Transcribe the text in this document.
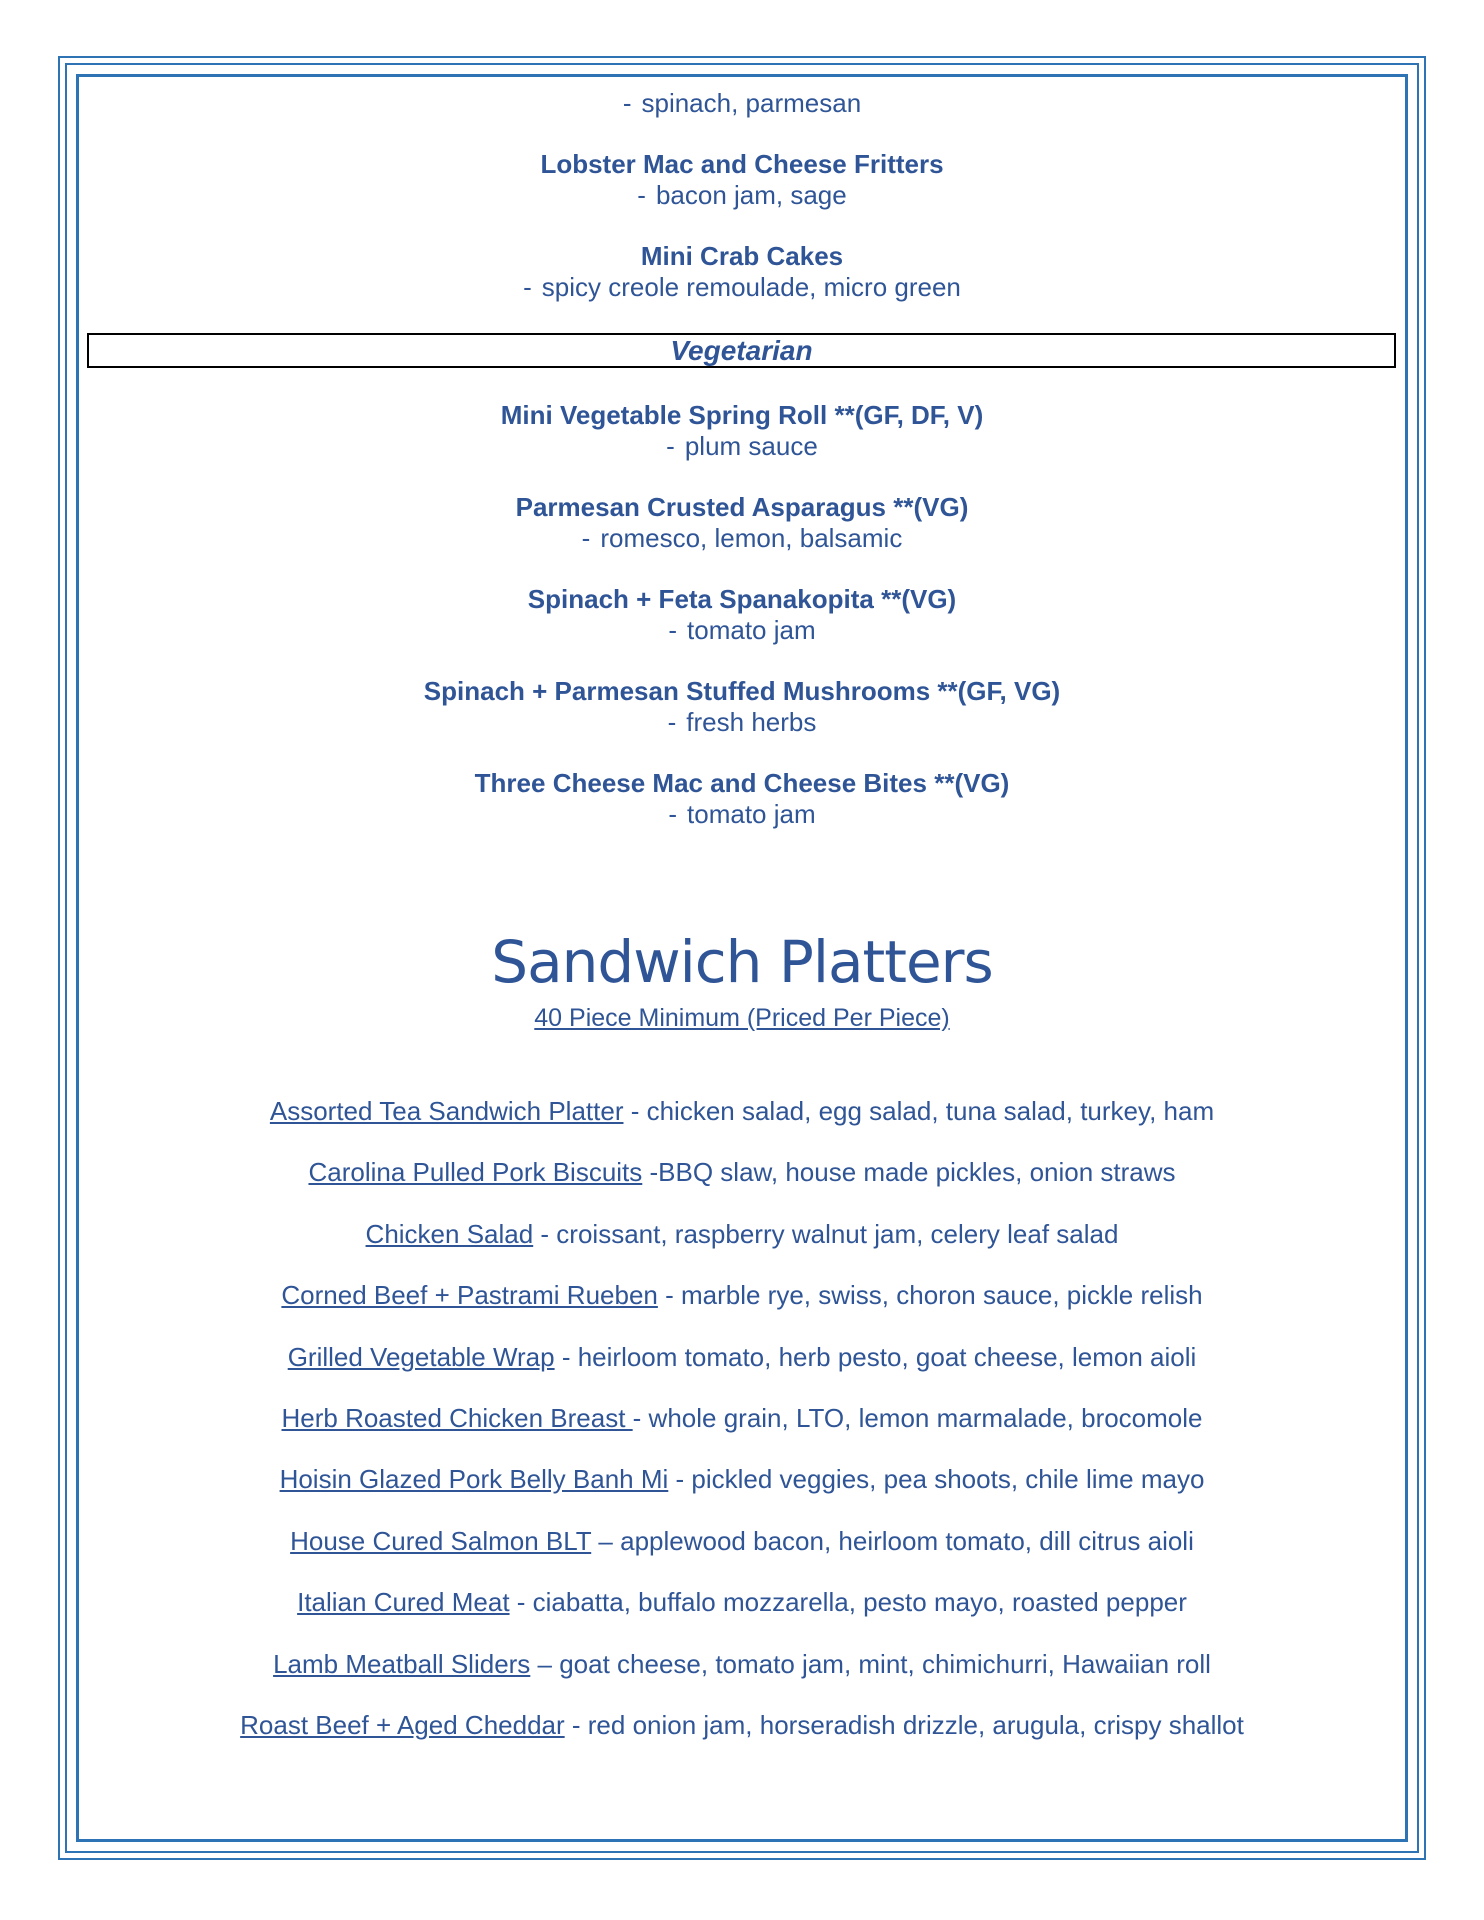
- spinach, parmesan
Lobster Mac and Cheese Fritters
- bacon jam, sage
Mini Crab Cakes
- spicy creole remoulade, micro green
Vegetarian
Mini Vegetable Spring Roll **(GF, DF, V)
- plum sauce
Parmesan Crusted Asparagus **(VG)
- romesco, lemon, balsamic
Spinach + Feta Spanakopita **(VG)
- tomato jam
Spinach + Parmesan Stuffed Mushrooms **(GF, VG)
- fresh herbs
Three Cheese Mac and Cheese Bites **(VG)
- tomato jam
Sandwich Platters
40 Piece Minimum (Priced Per Piece)
Assorted Tea Sandwich Platter - chicken salad, egg salad, tuna salad, turkey, ham
Carolina Pulled Pork Biscuits -BBQ slaw, house made pickles, onion straws
Chicken Salad - croissant, raspberry walnut jam, celery leaf salad
Corned Beef + Pastrami Rueben - marble rye, swiss, choron sauce, pickle relish
Grilled Vegetable Wrap - heirloom tomato, herb pesto, goat cheese, lemon aioli
Herb Roasted Chicken Breast - whole grain, LTO, lemon marmalade, brocomole
Hoisin Glazed Pork Belly Banh Mi - pickled veggies, pea shoots, chile lime mayo
House Cured Salmon BLT – applewood bacon, heirloom tomato, dill citrus aioli
Italian Cured Meat - ciabatta, buffalo mozzarella, pesto mayo, roasted pepper
Lamb Meatball Sliders – goat cheese, tomato jam, mint, chimichurri, Hawaiian roll
Roast Beef + Aged Cheddar - red onion jam, horseradish drizzle, arugula, crispy shallot
